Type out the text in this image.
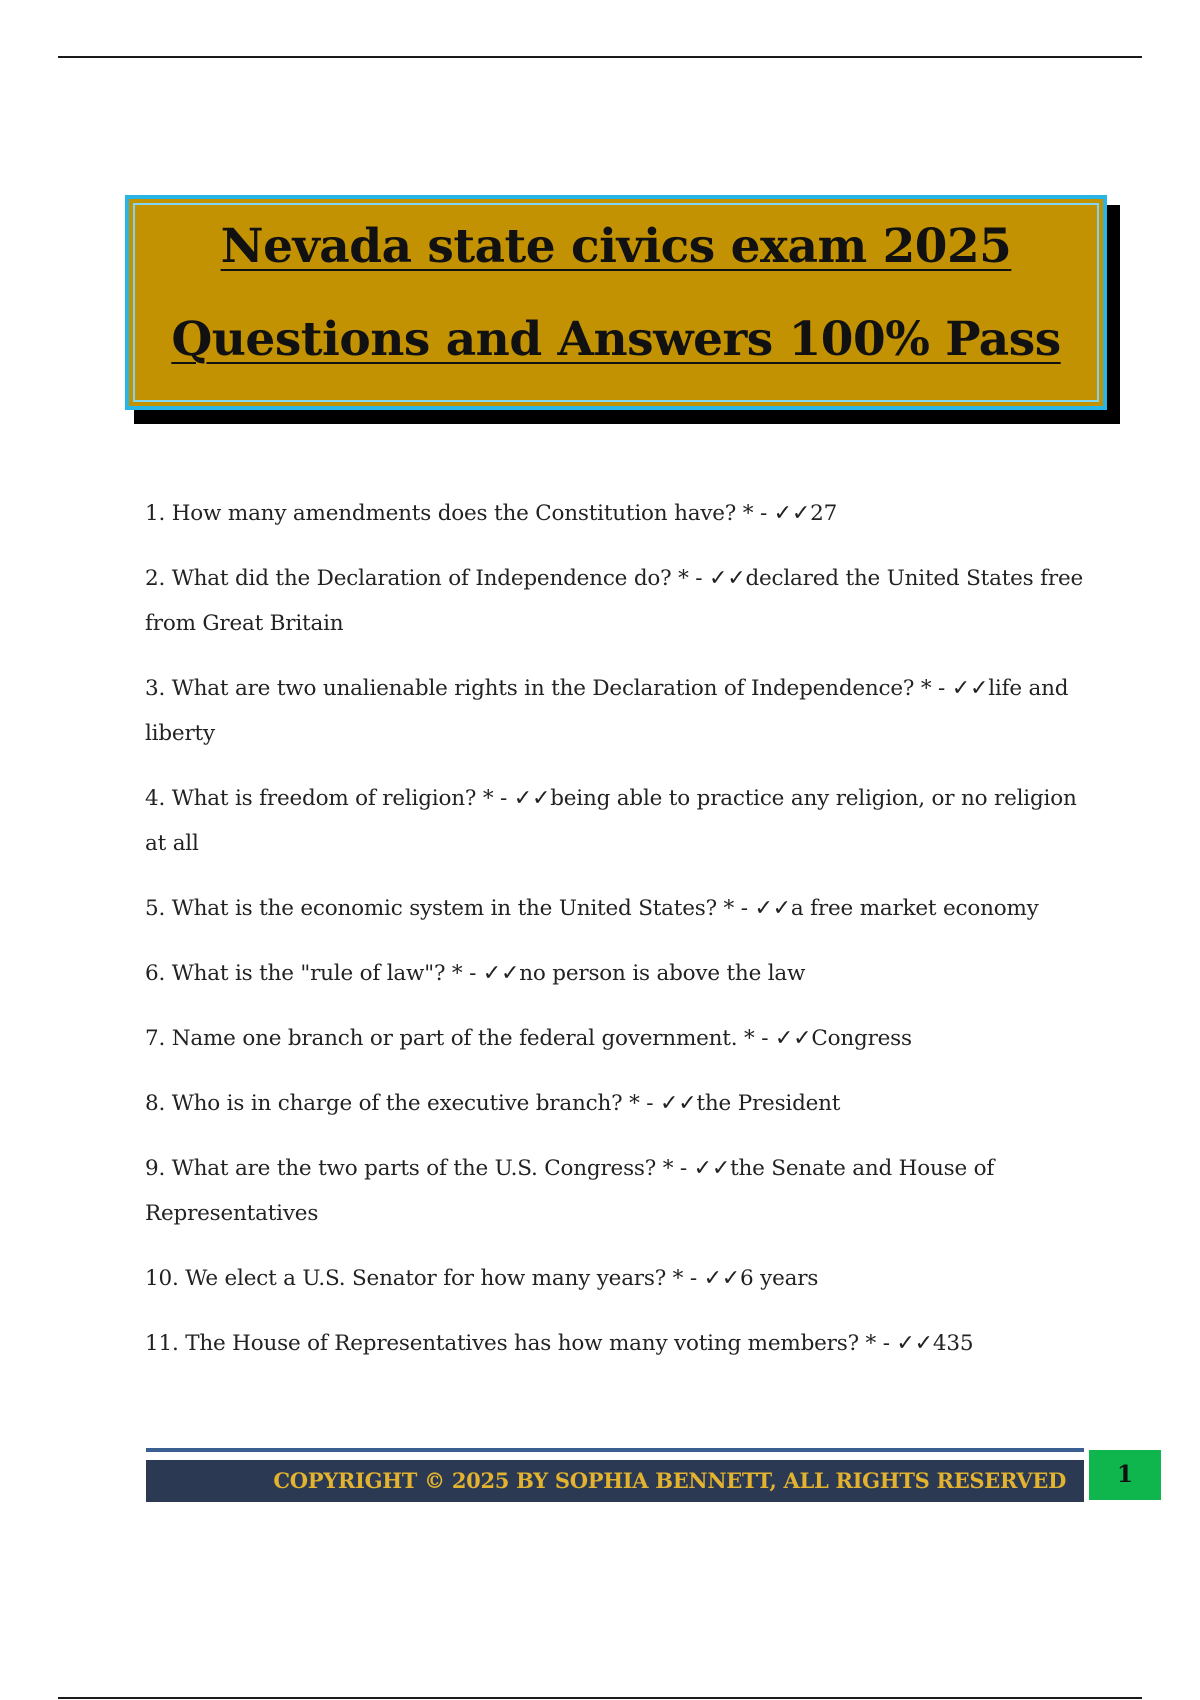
Nevada state civics exam 2025
Questions and Answers 100% Pass
1. How many amendments does the Constitution have? * - ✓✓27
2. What did the Declaration of Independence do? * - ✓✓declared the United States free from Great Britain
3. What are two unalienable rights in the Declaration of Independence? * - ✓✓life and liberty
4. What is freedom of religion? * - ✓✓being able to practice any religion, or no religion at all
5. What is the economic system in the United States? * - ✓✓a free market economy
6. What is the "rule of law"? * - ✓✓no person is above the law
7. Name one branch or part of the federal government. * - ✓✓Congress
8. Who is in charge of the executive branch? * - ✓✓the President
9. What are the two parts of the U.S. Congress? * - ✓✓the Senate and House of Representatives
10. We elect a U.S. Senator for how many years? * - ✓✓6 years
11. The House of Representatives has how many voting members? * - ✓✓435
COPYRIGHT © 2025 BY SOPHIA BENNETT, ALL RIGHTS RESERVED	1
